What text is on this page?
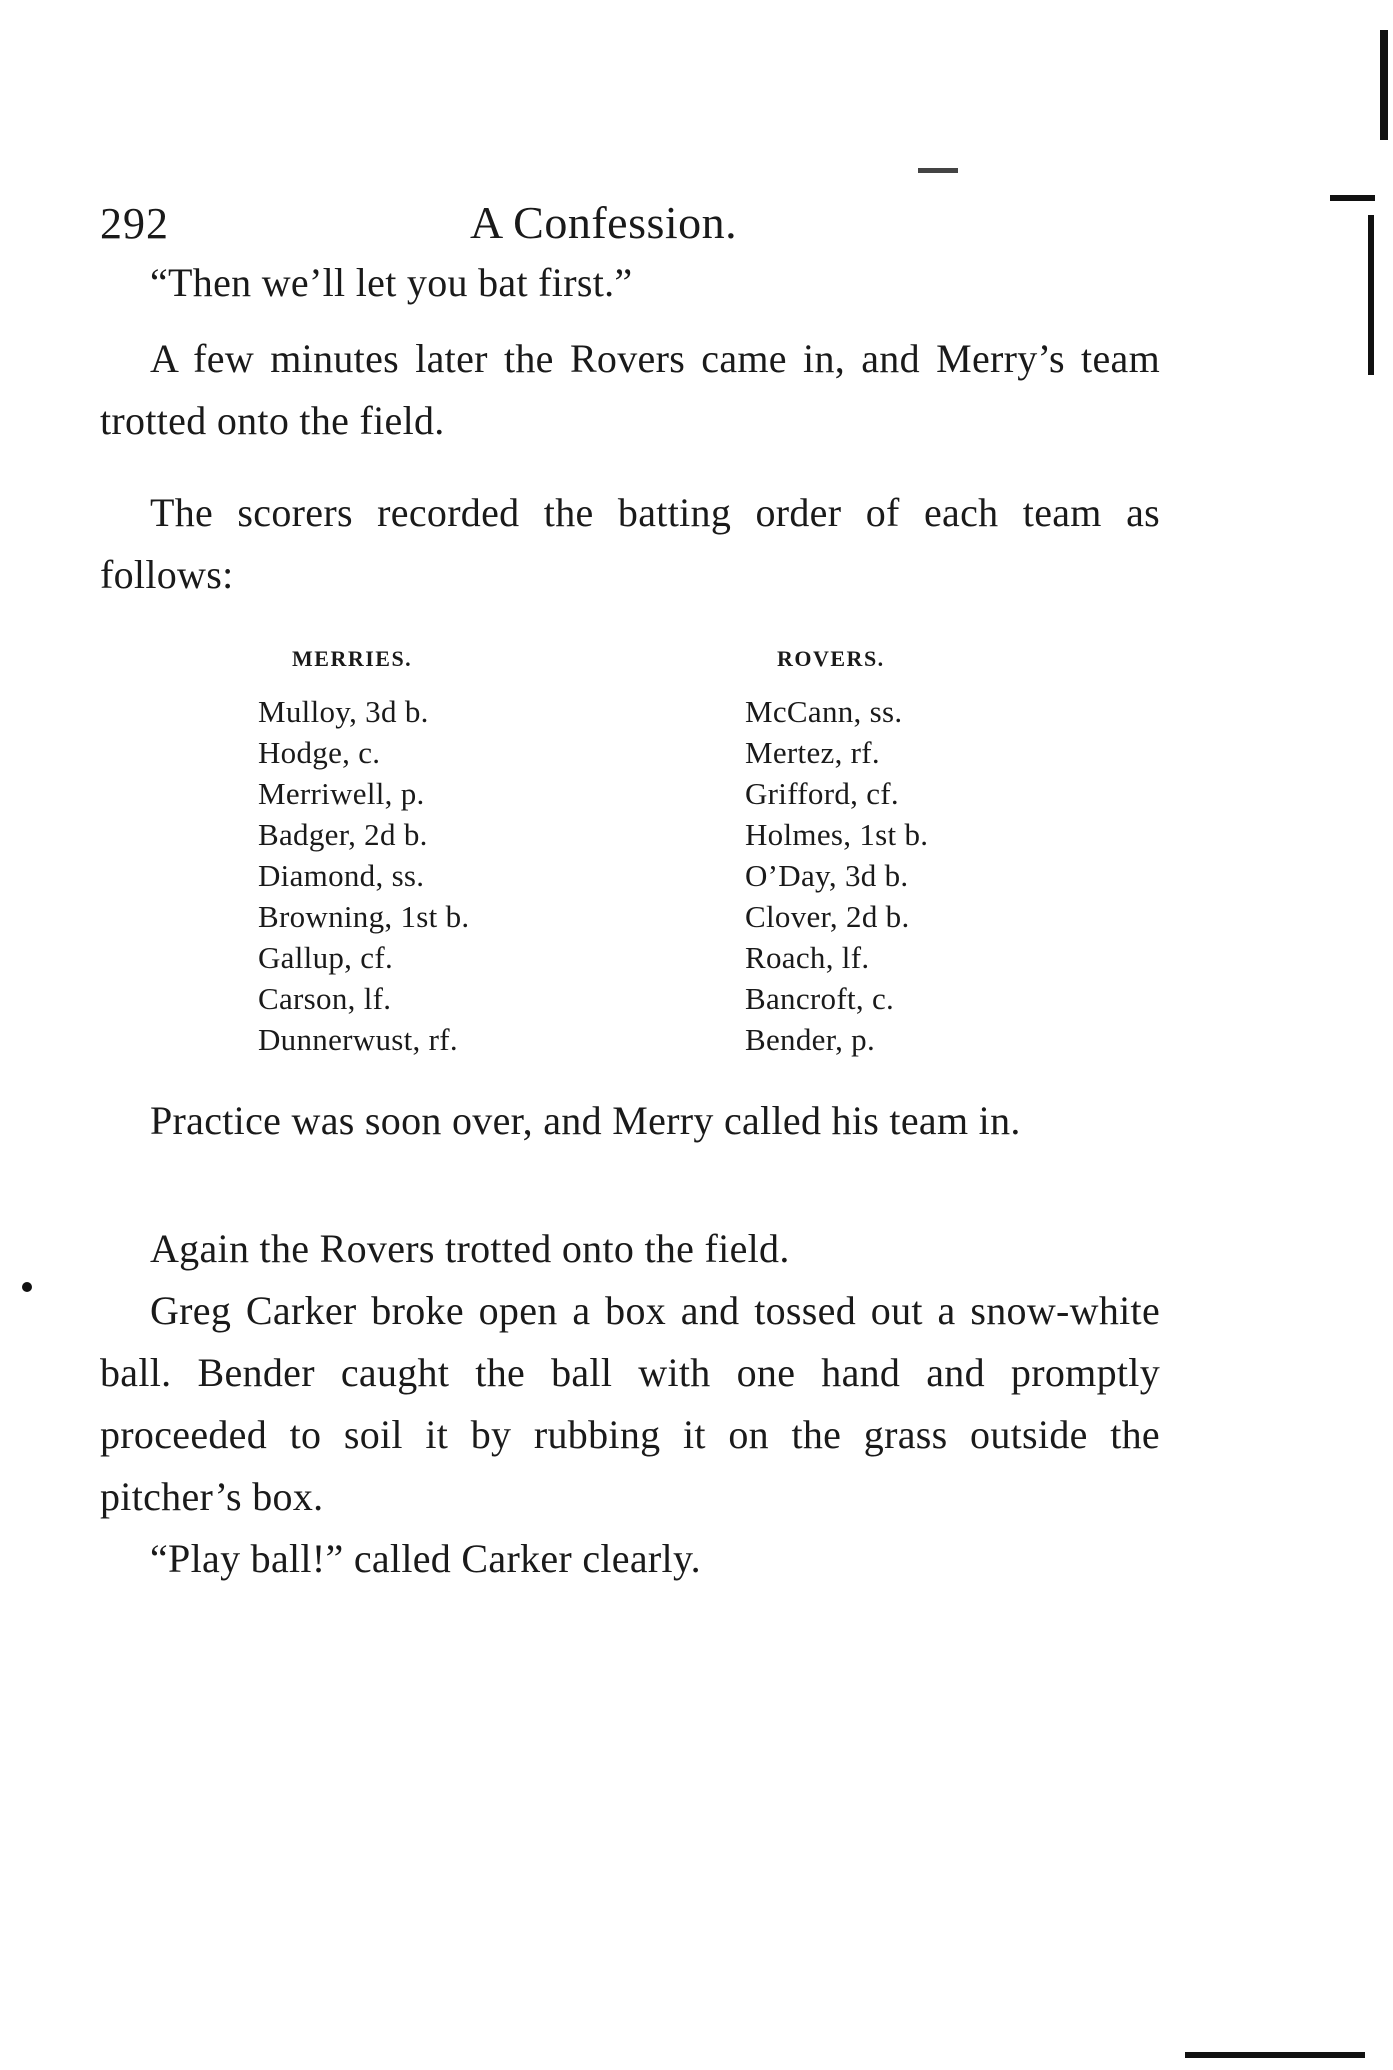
292	A Confession.

“Then we’ll let you bat first.”

A few minutes later the Rovers came in, and Merry’s team trotted onto the field.

The scorers recorded the batting order of each team as follows:

MERRIES.
Mulloy, 3d b.
Hodge, c.
Merriwell, p.
Badger, 2d b.
Diamond, ss.
Browning, 1st b.
Gallup, cf.
Carson, lf.
Dunnerwust, rf.
ROVERS.
McCann, ss.
Mertez, rf.
Grifford, cf.
Holmes, 1st b.
O’Day, 3d b.
Clover, 2d b.
Roach, lf.
Bancroft, c.
Bender, p.

Practice was soon over, and Merry called his team in.

Again the Rovers trotted onto the field.

Greg Carker broke open a box and tossed out a snow-white ball. Bender caught the ball with one hand and promptly proceeded to soil it by rubbing it on the grass outside the pitcher’s box.

“Play ball!” called Carker clearly.
